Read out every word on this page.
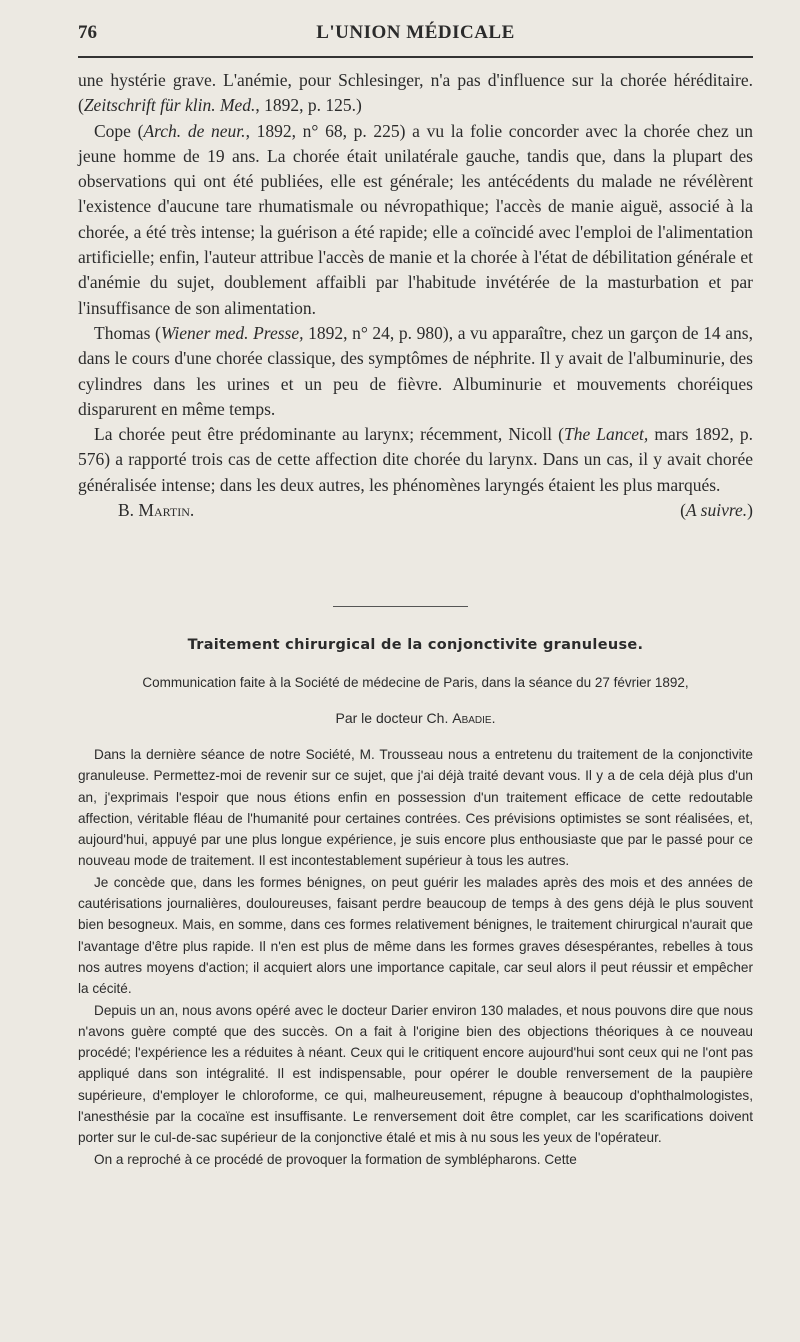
76	L'UNION MÉDICALE

une hystérie grave. L'anémie, pour Schlesinger, n'a pas d'influence sur la chorée héréditaire. (Zeitschrift für klin. Med., 1892, p. 125.)

Cope (Arch. de neur., 1892, n° 68, p. 225) a vu la folie concorder avec la chorée chez un jeune homme de 19 ans. La chorée était unilatérale gauche, tandis que, dans la plupart des observations qui ont été publiées, elle est générale; les antécédents du malade ne révélèrent l'existence d'aucune tare rhumatismale ou névropathique; l'accès de manie aiguë, associé à la chorée, a été très intense; la guérison a été rapide; elle a coïncidé avec l'emploi de l'alimentation artificielle; enfin, l'auteur attribue l'accès de manie et la chorée à l'état de débilitation générale et d'anémie du sujet, doublement affaibli par l'habitude invétérée de la masturbation et par l'insuffisance de son alimentation.

Thomas (Wiener med. Presse, 1892, n° 24, p. 980), a vu apparaître, chez un garçon de 14 ans, dans le cours d'une chorée classique, des symptômes de néphrite. Il y avait de l'albuminurie, des cylindres dans les urines et un peu de fièvre. Albuminurie et mouvements choréiques disparurent en même temps.

La chorée peut être prédominante au larynx; récemment, Nicoll (The Lancet, mars 1892, p. 576) a rapporté trois cas de cette affection dite chorée du larynx. Dans un cas, il y avait chorée généralisée intense; dans les deux autres, les phénomènes laryngés étaient les plus marqués.

B. Martin.	(A suivre.)
Traitement chirurgical de la conjonctivite granuleuse.
Communication faite à la Société de médecine de Paris, dans la séance du 27 février 1892,
Par le docteur Ch. Abadie.

Dans la dernière séance de notre Société, M. Trousseau nous a entretenu du traitement de la conjonctivite granuleuse. Permettez-moi de revenir sur ce sujet, que j'ai déjà traité devant vous. Il y a de cela déjà plus d'un an, j'exprimais l'espoir que nous étions enfin en possession d'un traitement efficace de cette redoutable affection, véritable fléau de l'humanité pour certaines contrées. Ces prévisions optimistes se sont réalisées, et, aujourd'hui, appuyé par une plus longue expérience, je suis encore plus enthousiaste que par le passé pour ce nouveau mode de traitement. Il est incontestablement supérieur à tous les autres.

Je concède que, dans les formes bénignes, on peut guérir les malades après des mois et des années de cautérisations journalières, douloureuses, faisant perdre beaucoup de temps à des gens déjà le plus souvent bien besogneux. Mais, en somme, dans ces formes relativement bénignes, le traitement chirurgical n'aurait que l'avantage d'être plus rapide. Il n'en est plus de même dans les formes graves désespérantes, rebelles à tous nos autres moyens d'action; il acquiert alors une importance capitale, car seul alors il peut réussir et empêcher la cécité.

Depuis un an, nous avons opéré avec le docteur Darier environ 130 malades, et nous pouvons dire que nous n'avons guère compté que des succès. On a fait à l'origine bien des objections théoriques à ce nouveau procédé; l'expérience les a réduites à néant. Ceux qui le critiquent encore aujourd'hui sont ceux qui ne l'ont pas appliqué dans son intégralité. Il est indispensable, pour opérer le double renversement de la paupière supérieure, d'employer le chloroforme, ce qui, malheureusement, répugne à beaucoup d'ophthalmologistes, l'anesthésie par la cocaïne est insuffisante. Le renversement doit être complet, car les scarifications doivent porter sur le cul-de-sac supérieur de la conjonctive étalé et mis à nu sous les yeux de l'opérateur.

On a reproché à ce procédé de provoquer la formation de symblépharons. Cette
